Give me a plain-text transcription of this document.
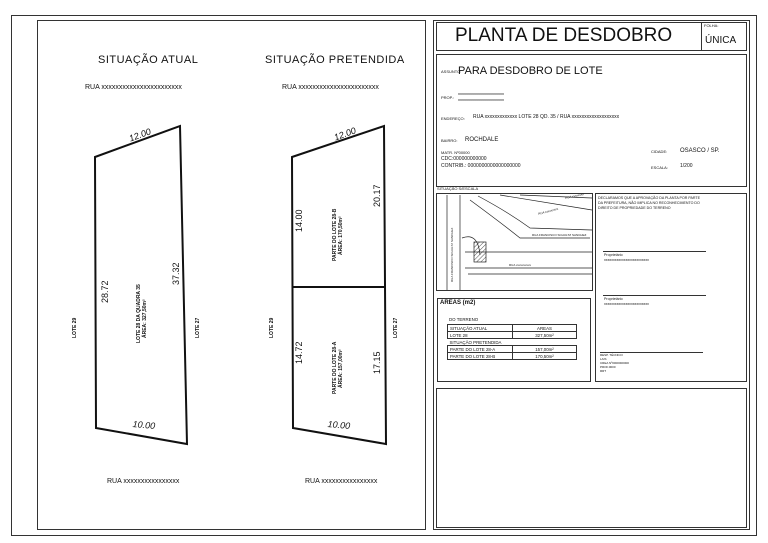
SITUAÇÃO ATUAL
RUA xxxxxxxxxxxxxxxxxxxxxxx
RUA xxxxxxxxxxxxxxxx
12.00
28.72
37.32
10.00
LOTE 29	LOTE 27
LOTE 28 DA QUADRA 35 ÁREA: 327,50m²
SITUAÇÃO PRETENDIDA
RUA xxxxxxxxxxxxxxxxxxxxxxx
RUA xxxxxxxxxxxxxxxx
12.00
14.00
20.17
14.72	17.15
10.00
LOTE 29	LOTE 27
PARTE DO LOTE 28-B ÁREA: 170,50m²
PARTE DO LOTE 28-A ÁREA: 157,00m²
PLANTA DE DESDOBRO	FOLHA:
ÚNICA
ASSUNTO:
PARA DESDOBRO DE LOTE
PROP.:
xxxxxxxxxxxxxxxxxxxxxxx
xxxxxxxxxxxxxxxxxxxxxxx
ENDEREÇO: RUA xxxxxxxxxxxxx LOTE 28 QD. 35 / RUA xxxxxxxxxxxxxxxxxxx
BAIRRO: ROCHDALE
MATR. Nº00000
CDC:000000000000
CONTRIB.: 0000000000000000000
CIDADE: OSASCO / SP.
ESCALA: 1/200
SITUAÇÃO S/ESCALA
RUA FRANCISCO SCHULTZ SANCHEZ
RUA xxxxxxxx
RUA xxxxxxxxx
RUA FRANCISCO SCHULTZ SANCHEZ
RUA xxxxxxxxxx
DECLARAMOS QUE A APROVAÇÃO DA PLANTA POR PARTE
DA PREFEITURA, NÃO IMPLICA NO RECONHECIMENTO DO
DIREITO DE PROPRIEDADE DO TERRENO
Proprietário
xxxxxxxxxxxxxxxxxxxxxxxxx
Proprietário
xxxxxxxxxxxxxxxxxxxxxxxxx
RESP. TÉCNICO
LAIS
CREA Nº0000000000
PROF.0000
RRT
AREAS (m2)
DO TERRENO
SITUAÇÃO ATUAL	AREAS
LOTE 28	327,50m²
SITUAÇÃO PRETENDIDA	
PARTE DO LOTE 28-A	157,00m²
PARTE DO LOTE 28-B	170,50m²
